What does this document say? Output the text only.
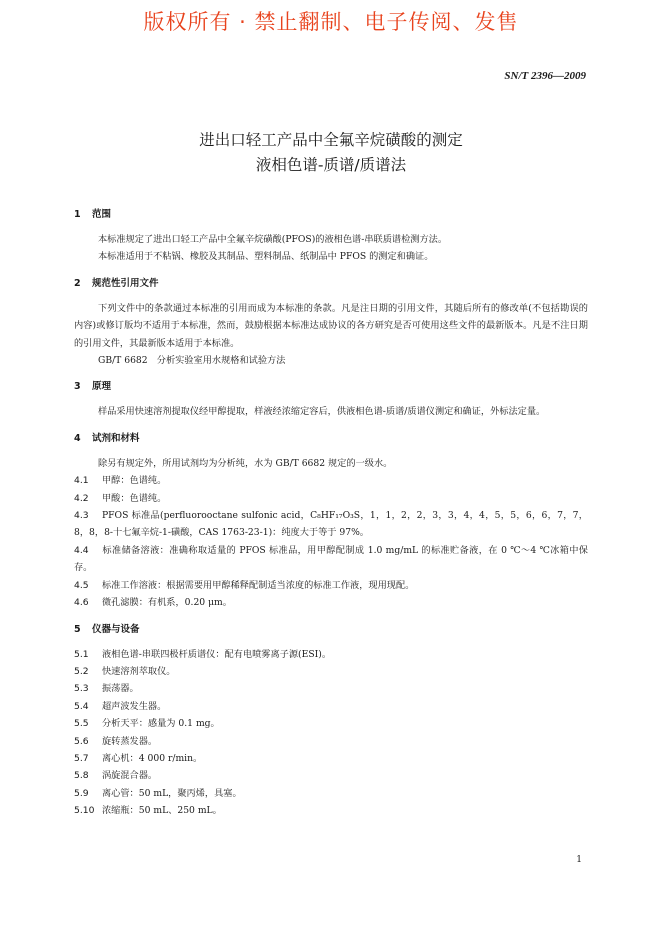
版权所有 · 禁止翻制、电子传阅、发售
SN/T 2396—2009
进出口轻工产品中全氟辛烷磺酸的测定
液相色谱-质谱/质谱法
1 范围
本标准规定了进出口轻工产品中全氟辛烷磺酸(PFOS)的液相色谱-串联质谱检测方法。
本标准适用于不粘锅、橡胶及其制品、塑料制品、纸制品中 PFOS 的测定和确证。
2 规范性引用文件
下列文件中的条款通过本标准的引用而成为本标准的条款。凡是注日期的引用文件，其随后所有的修改单(不包括勘误的内容)或修订版均不适用于本标准，然而，鼓励根据本标准达成协议的各方研究是否可使用这些文件的最新版本。凡是不注日期的引用文件，其最新版本适用于本标准。
GB/T 6682　分析实验室用水规格和试验方法
3 原理
样品采用快速溶剂提取仪经甲醇提取，样液经浓缩定容后，供液相色谱-质谱/质谱仪测定和确证，外标法定量。
4 试剂和材料
除另有规定外，所用试剂均为分析纯，水为 GB/T 6682 规定的一级水。
4.1 甲醇：色谱纯。
4.2 甲酸：色谱纯。
4.3 PFOS 标准品(perfluorooctane sulfonic acid，C₈HF₁₇O₃S，1，1，2，2，3，3，4，4，5，5，6，6，7，7，8，8，8-十七氟辛烷-1-磺酸，CAS 1763-23-1)：纯度大于等于 97%。
4.4 标准储备溶液：准确称取适量的 PFOS 标准品，用甲醇配制成 1.0 mg/mL 的标准贮备液，在 0 ℃～4 ℃冰箱中保存。
4.5 标准工作溶液：根据需要用甲醇稀释配制适当浓度的标准工作液，现用现配。
4.6 微孔滤膜：有机系，0.20 μm。
5 仪器与设备
5.1 液相色谱-串联四极杆质谱仪：配有电喷雾离子源(ESI)。
5.2 快速溶剂萃取仪。
5.3 振荡器。
5.4 超声波发生器。
5.5 分析天平：感量为 0.1 mg。
5.6 旋转蒸发器。
5.7 离心机：4 000 r/min。
5.8 涡旋混合器。
5.9 离心管：50 mL，聚丙烯，具塞。
5.10 浓缩瓶：50 mL、250 mL。
1
